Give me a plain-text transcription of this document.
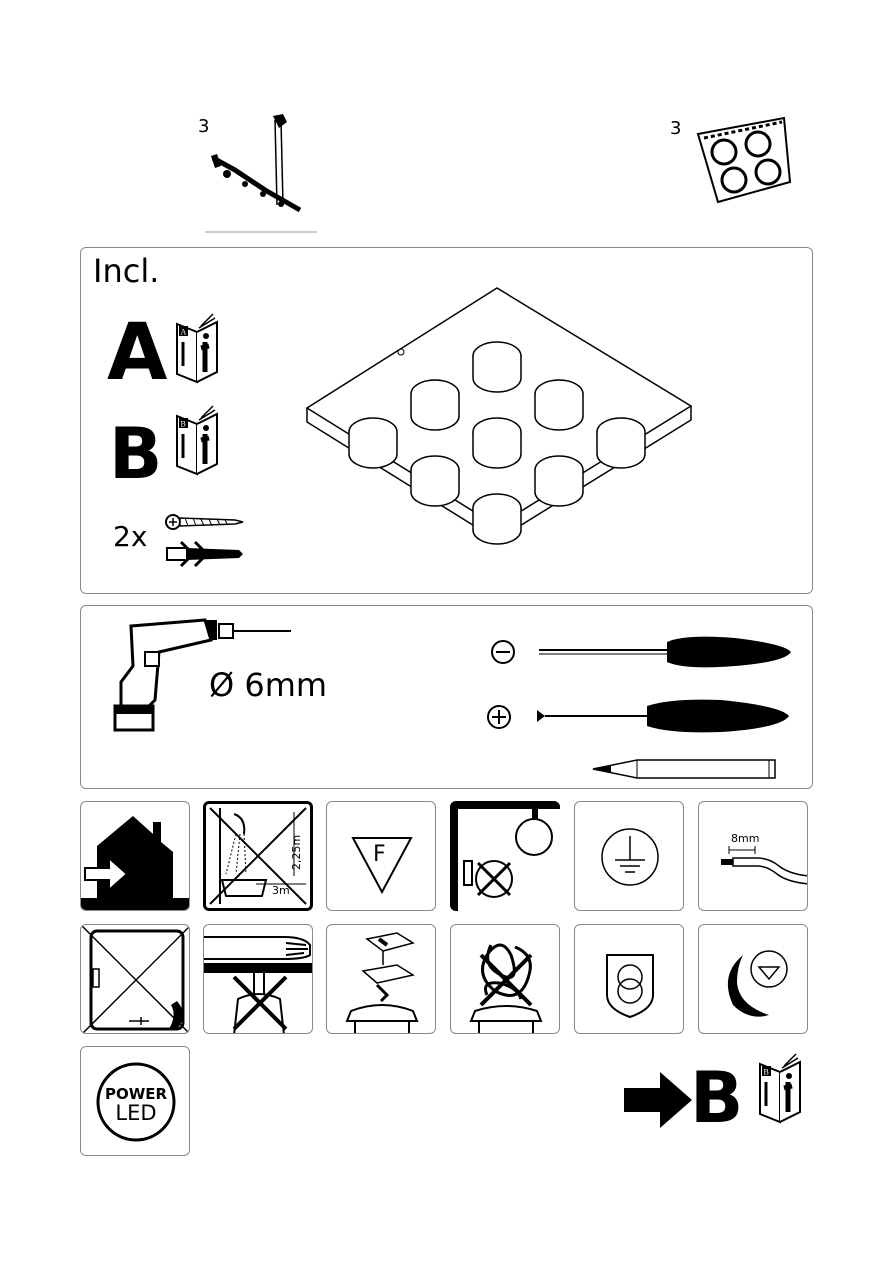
3	3
Incl.
A A
B B
2x
Ø 6mm
2,25m
3m
F
8mm
POWER
LED	B	B
